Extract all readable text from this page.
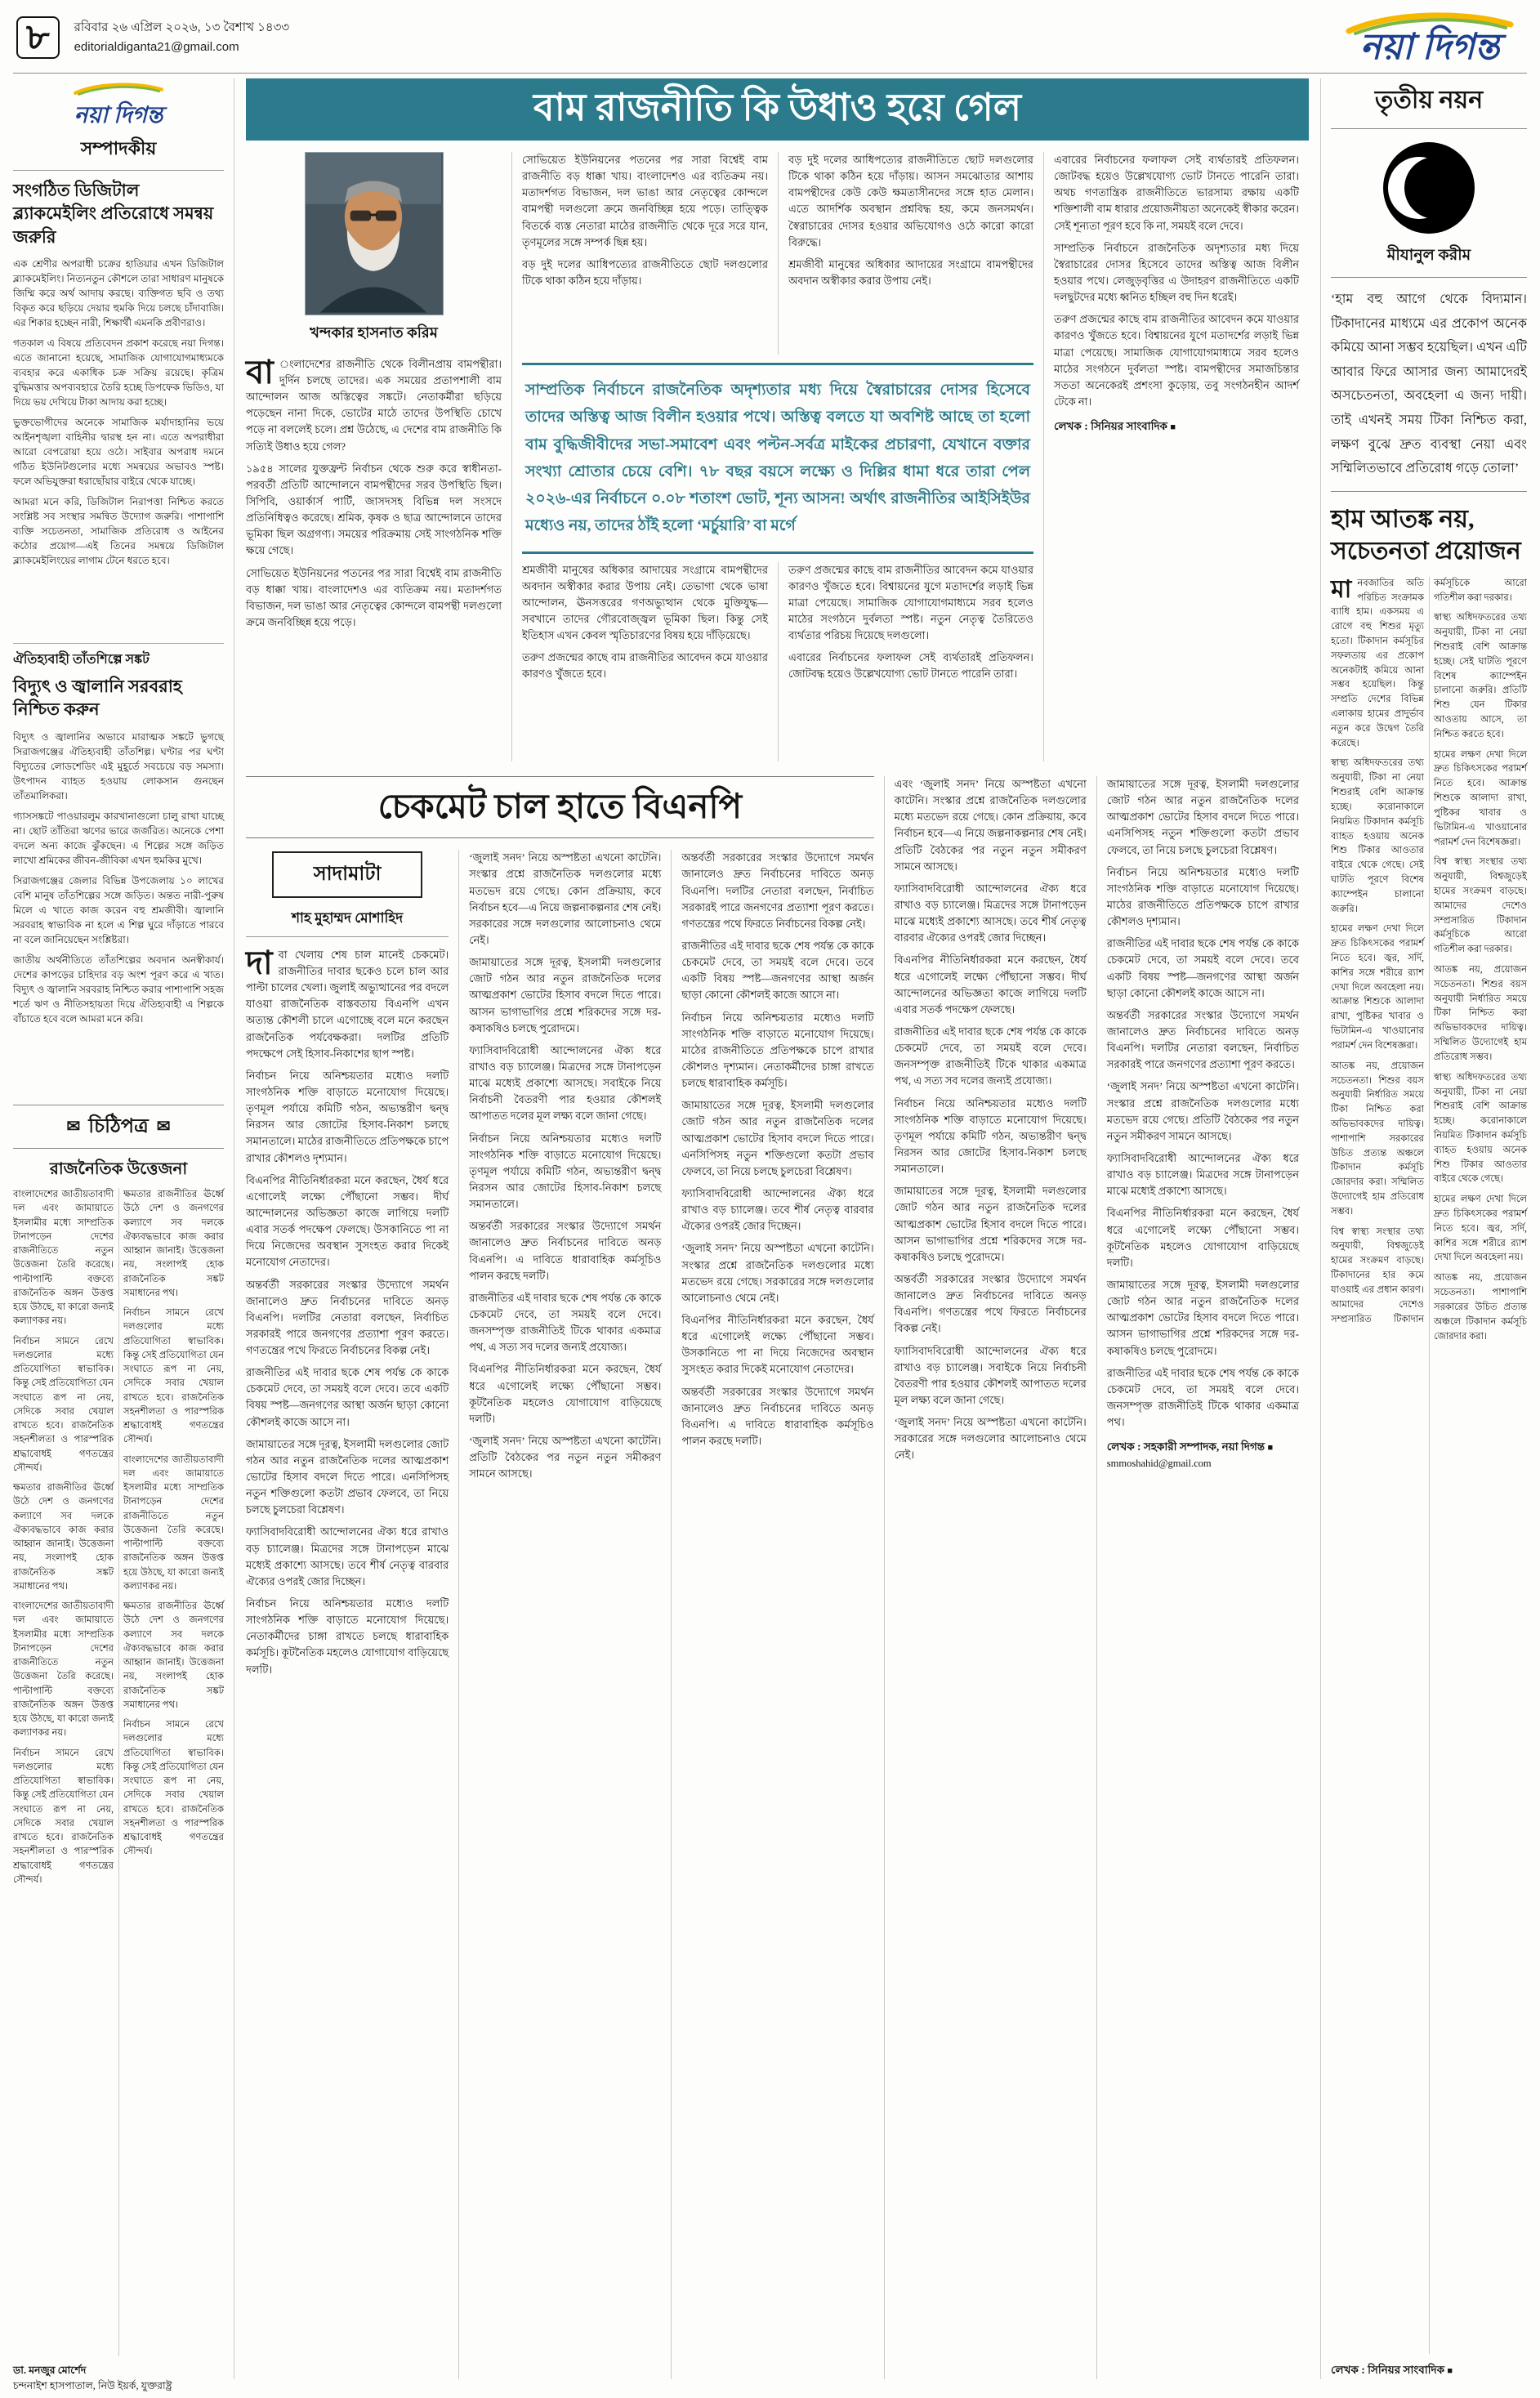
৮	রবিবার ২৬ এপ্রিল ২০২৬, ১৩ বৈশাখ ১৪৩৩
editorialdiganta21@gmail.com	নয়া দিগন্ত

নয়া দিগন্ত
সম্পাদকীয়
সংগঠিত ডিজিটাল ব্ল্যাকমেইলিং প্রতিরোধে সমন্বয় জরুরি

এক শ্রেণীর অপরাধী চক্রের হাতিয়ার এখন ডিজিটাল ব্ল্যাকমেইলিং। নিত্যনতুন কৌশলে তারা সাধারণ মানুষকে জিম্মি করে অর্থ আদায় করছে। ব্যক্তিগত ছবি ও তথ্য বিকৃত করে ছড়িয়ে দেয়ার হুমকি দিয়ে চলছে চাঁদাবাজি। এর শিকার হচ্ছেন নারী, শিক্ষার্থী এমনকি প্রবীণরাও।

গতকাল এ বিষয়ে প্রতিবেদন প্রকাশ করেছে নয়া দিগন্ত। এতে জানানো হয়েছে, সামাজিক যোগাযোগমাধ্যমকে ব্যবহার করে একাধিক চক্র সক্রিয় রয়েছে। কৃত্রিম বুদ্ধিমত্তার অপব্যবহারে তৈরি হচ্ছে ডিপফেক ভিডিও, যা দিয়ে ভয় দেখিয়ে টাকা আদায় করা হচ্ছে।

ভুক্তভোগীদের অনেকে সামাজিক মর্যাদাহানির ভয়ে আইনশৃঙ্খলা বাহিনীর দ্বারস্থ হন না। এতে অপরাধীরা আরো বেপরোয়া হয়ে ওঠে। সাইবার অপরাধ দমনে গঠিত ইউনিটগুলোর মধ্যে সমন্বয়ের অভাবও স্পষ্ট। ফলে অভিযুক্তরা ধরাছোঁয়ার বাইরে থেকে যাচ্ছে।

আমরা মনে করি, ডিজিটাল নিরাপত্তা নিশ্চিত করতে সংশ্লিষ্ট সব সংস্থার সমন্বিত উদ্যোগ জরুরি। পাশাপাশি ব্যক্তি সচেতনতা, সামাজিক প্রতিরোধ ও আইনের কঠোর প্রয়োগ—এই তিনের সমন্বয়ে ডিজিটাল ব্ল্যাকমেইলিংয়ের লাগাম টেনে ধরতে হবে।

ঐতিহ্যবাহী তাঁতশিল্পে সঙ্কট
বিদ্যুৎ ও জ্বালানি সরবরাহ নিশ্চিত করুন

বিদ্যুৎ ও জ্বালানির অভাবে মারাত্মক সঙ্কটে ভুগছে সিরাজগঞ্জের ঐতিহ্যবাহী তাঁতশিল্প। ঘণ্টার পর ঘণ্টা বিদ্যুতের লোডশেডিং এই মুহূর্তে সবচেয়ে বড় সমস্যা। উৎপাদন ব্যাহত হওয়ায় লোকসান গুনছেন তাঁতমালিকরা।

গ্যাসসঙ্কটে পাওয়ারলুম কারখানাগুলো চালু রাখা যাচ্ছে না। ছোট তাঁতিরা ঋণের ভারে জর্জরিত। অনেকে পেশা বদলে অন্য কাজে ঝুঁকছেন। এ শিল্পের সঙ্গে জড়িত লাখো শ্রমিকের জীবন-জীবিকা এখন হুমকির মুখে।

সিরাজগঞ্জের জেলার বিভিন্ন উপজেলায় ১০ লাখের বেশি মানুষ তাঁতশিল্পের সঙ্গে জড়িত। অন্তত নারী-পুরুষ মিলে এ খাতে কাজ করেন বহু শ্রমজীবী। জ্বালানি সরবরাহ স্বাভাবিক না হলে এ শিল্প ঘুরে দাঁড়াতে পারবে না বলে জানিয়েছেন সংশ্লিষ্টরা।

জাতীয় অর্থনীতিতে তাঁতশিল্পের অবদান অনস্বীকার্য। দেশের কাপড়ের চাহিদার বড় অংশ পূরণ করে এ খাত। বিদ্যুৎ ও জ্বালানি সরবরাহ নিশ্চিত করার পাশাপাশি সহজ শর্তে ঋণ ও নীতিসহায়তা দিয়ে ঐতিহ্যবাহী এ শিল্পকে বাঁচাতে হবে বলে আমরা মনে করি।

✉ চিঠিপত্র ✉
রাজনৈতিক উত্তেজনা

বাংলাদেশের জাতীয়তাবাদী দল এবং জামায়াতে ইসলামীর মধ্যে সাম্প্রতিক টানাপড়েন দেশের রাজনীতিতে নতুন উত্তেজনা তৈরি করেছে। পাল্টাপাল্টি বক্তব্যে রাজনৈতিক অঙ্গন উত্তপ্ত হয়ে উঠছে, যা কারো জন্যই কল্যাণকর নয়।

নির্বাচন সামনে রেখে দলগুলোর মধ্যে প্রতিযোগিতা স্বাভাবিক। কিন্তু সেই প্রতিযোগিতা যেন সংঘাতে রূপ না নেয়, সেদিকে সবার খেয়াল রাখতে হবে। রাজনৈতিক সহনশীলতা ও পারস্পরিক শ্রদ্ধাবোধই গণতন্ত্রের সৌন্দর্য।

ক্ষমতার রাজনীতির ঊর্ধ্বে উঠে দেশ ও জনগণের কল্যাণে সব দলকে ঐক্যবদ্ধভাবে কাজ করার আহ্বান জানাই। উত্তেজনা নয়, সংলাপই হোক রাজনৈতিক সঙ্কট সমাধানের পথ।

বাংলাদেশের জাতীয়তাবাদী দল এবং জামায়াতে ইসলামীর মধ্যে সাম্প্রতিক টানাপড়েন দেশের রাজনীতিতে নতুন উত্তেজনা তৈরি করেছে। পাল্টাপাল্টি বক্তব্যে রাজনৈতিক অঙ্গন উত্তপ্ত হয়ে উঠছে, যা কারো জন্যই কল্যাণকর নয়।

নির্বাচন সামনে রেখে দলগুলোর মধ্যে প্রতিযোগিতা স্বাভাবিক। কিন্তু সেই প্রতিযোগিতা যেন সংঘাতে রূপ না নেয়, সেদিকে সবার খেয়াল রাখতে হবে। রাজনৈতিক সহনশীলতা ও পারস্পরিক শ্রদ্ধাবোধই গণতন্ত্রের সৌন্দর্য।

ক্ষমতার রাজনীতির ঊর্ধ্বে উঠে দেশ ও জনগণের কল্যাণে সব দলকে ঐক্যবদ্ধভাবে কাজ করার আহ্বান জানাই। উত্তেজনা নয়, সংলাপই হোক রাজনৈতিক সঙ্কট সমাধানের পথ।

নির্বাচন সামনে রেখে দলগুলোর মধ্যে প্রতিযোগিতা স্বাভাবিক। কিন্তু সেই প্রতিযোগিতা যেন সংঘাতে রূপ না নেয়, সেদিকে সবার খেয়াল রাখতে হবে। রাজনৈতিক সহনশীলতা ও পারস্পরিক শ্রদ্ধাবোধই গণতন্ত্রের সৌন্দর্য।

বাংলাদেশের জাতীয়তাবাদী দল এবং জামায়াতে ইসলামীর মধ্যে সাম্প্রতিক টানাপড়েন দেশের রাজনীতিতে নতুন উত্তেজনা তৈরি করেছে। পাল্টাপাল্টি বক্তব্যে রাজনৈতিক অঙ্গন উত্তপ্ত হয়ে উঠছে, যা কারো জন্যই কল্যাণকর নয়।

ক্ষমতার রাজনীতির ঊর্ধ্বে উঠে দেশ ও জনগণের কল্যাণে সব দলকে ঐক্যবদ্ধভাবে কাজ করার আহ্বান জানাই। উত্তেজনা নয়, সংলাপই হোক রাজনৈতিক সঙ্কট সমাধানের পথ।

নির্বাচন সামনে রেখে দলগুলোর মধ্যে প্রতিযোগিতা স্বাভাবিক। কিন্তু সেই প্রতিযোগিতা যেন সংঘাতে রূপ না নেয়, সেদিকে সবার খেয়াল রাখতে হবে। রাজনৈতিক সহনশীলতা ও পারস্পরিক শ্রদ্ধাবোধই গণতন্ত্রের সৌন্দর্য।

ডা. মনজুর মোর্শেদ
চন্দনাইশ হাসপাতাল, নিউ ইয়র্ক, যুক্তরাষ্ট্র
বাম রাজনীতি কি উধাও হয়ে গেল
খন্দকার হাসনাত করিম

বা ংলাদেশের রাজনীতি থেকে বিলীনপ্রায় বামপন্থীরা। দুর্দিন চলছে তাদের। এক সময়ের প্রতাপশালী বাম আন্দোলন আজ অস্তিত্বের সঙ্কটে। নেতাকর্মীরা ছড়িয়ে পড়েছেন নানা দিকে, ভোটের মাঠে তাদের উপস্থিতি চোখে পড়ে না বললেই চলে। প্রশ্ন উঠেছে, এ দেশের বাম রাজনীতি কি সত্যিই উধাও হয়ে গেল?

১৯৫৪ সালের যুক্তফ্রন্ট নির্বাচন থেকে শুরু করে স্বাধীনতা-পরবর্তী প্রতিটি আন্দোলনে বামপন্থীদের সরব উপস্থিতি ছিল। সিপিবি, ওয়ার্কার্স পার্টি, জাসদসহ বিভিন্ন দল সংসদে প্রতিনিধিত্বও করেছে। শ্রমিক, কৃষক ও ছাত্র আন্দোলনে তাদের ভূমিকা ছিল অগ্রগণ্য। সময়ের পরিক্রমায় সেই সাংগঠনিক শক্তি ক্ষয়ে গেছে।

সোভিয়েত ইউনিয়নের পতনের পর সারা বিশ্বেই বাম রাজনীতি বড় ধাক্কা খায়। বাংলাদেশও এর ব্যতিক্রম নয়। মতাদর্শগত বিভাজন, দল ভাঙা আর নেতৃত্বের কোন্দলে বামপন্থী দলগুলো ক্রমে জনবিচ্ছিন্ন হয়ে পড়ে।

সোভিয়েত ইউনিয়নের পতনের পর সারা বিশ্বেই বাম রাজনীতি বড় ধাক্কা খায়। বাংলাদেশও এর ব্যতিক্রম নয়। মতাদর্শগত বিভাজন, দল ভাঙা আর নেতৃত্বের কোন্দলে বামপন্থী দলগুলো ক্রমে জনবিচ্ছিন্ন হয়ে পড়ে। তাত্ত্বিক বিতর্কে ব্যস্ত নেতারা মাঠের রাজনীতি থেকে দূরে সরে যান, তৃণমূলের সঙ্গে সম্পর্ক ছিন্ন হয়।

বড় দুই দলের আধিপত্যের রাজনীতিতে ছোট দলগুলোর টিকে থাকা কঠিন হয়ে দাঁড়ায়।

বড় দুই দলের আধিপত্যের রাজনীতিতে ছোট দলগুলোর টিকে থাকা কঠিন হয়ে দাঁড়ায়। আসন সমঝোতার আশায় বামপন্থীদের কেউ কেউ ক্ষমতাসীনদের সঙ্গে হাত মেলান। এতে আদর্শিক অবস্থান প্রশ্নবিদ্ধ হয়, কমে জনসমর্থন। স্বৈরাচারের দোসর হওয়ার অভিযোগও ওঠে কারো কারো বিরুদ্ধে।

শ্রমজীবী মানুষের অধিকার আদায়ের সংগ্রামে বামপন্থীদের অবদান অস্বীকার করার উপায় নেই।

সাম্প্রতিক নির্বাচনে রাজনৈতিক অদৃশ্যতার মধ্য দিয়ে স্বৈরাচারের দোসর হিসেবে তাদের অস্তিত্ব আজ বিলীন হওয়ার পথে। অস্তিত্ব বলতে যা অবশিষ্ট আছে তা হলো বাম বুদ্ধিজীবীদের সভা-সমাবেশ এবং পল্টন-সর্বত্র মাইকের প্রচারণা, যেখানে বক্তার সংখ্যা শ্রোতার চেয়ে বেশি। ৭৮ বছর বয়সে লক্ষ্যে ও দিল্লির ধামা ধরে তারা পেল ২০২৬-এর নির্বাচনে ০.০৮ শতাংশ ভোট, শূন্য আসন! অর্থাৎ রাজনীতির আইসিইউর মধ্যেও নয়, তাদের ঠাঁই হলো ‘মর্চুয়ারি’ বা মর্গে

শ্রমজীবী মানুষের অধিকার আদায়ের সংগ্রামে বামপন্থীদের অবদান অস্বীকার করার উপায় নেই। তেভাগা থেকে ভাষা আন্দোলন, ঊনসত্তরের গণঅভ্যুত্থান থেকে মুক্তিযুদ্ধ—সবখানে তাদের গৌরবোজ্জ্বল ভূমিকা ছিল। কিন্তু সেই ইতিহাস এখন কেবল স্মৃতিচারণের বিষয় হয়ে দাঁড়িয়েছে।

তরুণ প্রজন্মের কাছে বাম রাজনীতির আবেদন কমে যাওয়ার কারণও খুঁজতে হবে।

তরুণ প্রজন্মের কাছে বাম রাজনীতির আবেদন কমে যাওয়ার কারণও খুঁজতে হবে। বিশ্বায়নের যুগে মতাদর্শের লড়াই ভিন্ন মাত্রা পেয়েছে। সামাজিক যোগাযোগমাধ্যমে সরব হলেও মাঠের সংগঠনে দুর্বলতা স্পষ্ট। নতুন নেতৃত্ব তৈরিতেও ব্যর্থতার পরিচয় দিয়েছে দলগুলো।

এবারের নির্বাচনের ফলাফল সেই ব্যর্থতারই প্রতিফলন। জোটবদ্ধ হয়েও উল্লেখযোগ্য ভোট টানতে পারেনি তারা।

এবারের নির্বাচনের ফলাফল সেই ব্যর্থতারই প্রতিফলন। জোটবদ্ধ হয়েও উল্লেখযোগ্য ভোট টানতে পারেনি তারা। অথচ গণতান্ত্রিক রাজনীতিতে ভারসাম্য রক্ষায় একটি শক্তিশালী বাম ধারার প্রয়োজনীয়তা অনেকেই স্বীকার করেন। সেই শূন্যতা পূরণ হবে কি না, সময়ই বলে দেবে।

সাম্প্রতিক নির্বাচনে রাজনৈতিক অদৃশ্যতার মধ্য দিয়ে স্বৈরাচারের দোসর হিসেবে তাদের অস্তিত্ব আজ বিলীন হওয়ার পথে। লেজুড়বৃত্তির এ উদাহরণ রাজনীতিতে একটি দলছুটদের মধ্যে ধ্বনিত হচ্ছিল বহু দিন ধরেই।

তরুণ প্রজন্মের কাছে বাম রাজনীতির আবেদন কমে যাওয়ার কারণও খুঁজতে হবে। বিশ্বায়নের যুগে মতাদর্শের লড়াই ভিন্ন মাত্রা পেয়েছে। সামাজিক যোগাযোগমাধ্যমে সরব হলেও মাঠের সংগঠনে দুর্বলতা স্পষ্ট। বামপন্থীদের সমাজচিন্তার সততা অনেকেরই প্রশংসা কুড়োয়, তবু সংগঠনহীন আদর্শ টেকে না।

লেখক : সিনিয়র সাংবাদিক ■
চেকমেট চাল হাতে বিএনপি
সাদামাটা
শাহ মুহাম্মদ মোশাহিদ

দাবা খেলায় শেষ চাল মানেই চেকমেট। রাজনীতির দাবার ছকেও চলে চাল আর পাল্টা চালের খেলা। জুলাই অভ্যুত্থানের পর বদলে যাওয়া রাজনৈতিক বাস্তবতায় বিএনপি এখন অত্যন্ত কৌশলী চালে এগোচ্ছে বলে মনে করছেন রাজনৈতিক পর্যবেক্ষকরা। দলটির প্রতিটি পদক্ষেপে সেই হিসাব-নিকাশের ছাপ স্পষ্ট।

নির্বাচন নিয়ে অনিশ্চয়তার মধ্যেও দলটি সাংগঠনিক শক্তি বাড়াতে মনোযোগ দিয়েছে। তৃণমূল পর্যায়ে কমিটি গঠন, অভ্যন্তরীণ দ্বন্দ্ব নিরসন আর জোটের হিসাব-নিকাশ চলছে সমানতালে। মাঠের রাজনীতিতে প্রতিপক্ষকে চাপে রাখার কৌশলও দৃশ্যমান।

বিএনপির নীতিনির্ধারকরা মনে করছেন, ধৈর্য ধরে এগোলেই লক্ষ্যে পৌঁছানো সম্ভব। দীর্ঘ আন্দোলনের অভিজ্ঞতা কাজে লাগিয়ে দলটি এবার সতর্ক পদক্ষেপ ফেলছে। উসকানিতে পা না দিয়ে নিজেদের অবস্থান সুসংহত করার দিকেই মনোযোগ নেতাদের।

অন্তর্বর্তী সরকারের সংস্কার উদ্যোগে সমর্থন জানালেও দ্রুত নির্বাচনের দাবিতে অনড় বিএনপি। দলটির নেতারা বলছেন, নির্বাচিত সরকারই পারে জনগণের প্রত্যাশা পূরণ করতে। গণতন্ত্রের পথে ফিরতে নির্বাচনের বিকল্প নেই।

রাজনীতির এই দাবার ছকে শেষ পর্যন্ত কে কাকে চেকমেট দেবে, তা সময়ই বলে দেবে। তবে একটি বিষয় স্পষ্ট—জনগণের আস্থা অর্জন ছাড়া কোনো কৌশলই কাজে আসে না।

জামায়াতের সঙ্গে দূরত্ব, ইসলামী দলগুলোর জোট গঠন আর নতুন রাজনৈতিক দলের আত্মপ্রকাশ ভোটের হিসাব বদলে দিতে পারে। এনসিপিসহ নতুন শক্তিগুলো কতটা প্রভাব ফেলবে, তা নিয়ে চলছে চুলচেরা বিশ্লেষণ।

ফ্যাসিবাদবিরোধী আন্দোলনের ঐক্য ধরে রাখাও বড় চ্যালেঞ্জ। মিত্রদের সঙ্গে টানাপড়েন মাঝে মধ্যেই প্রকাশ্যে আসছে। তবে শীর্ষ নেতৃত্ব বারবার ঐক্যের ওপরই জোর দিচ্ছেন।

নির্বাচন নিয়ে অনিশ্চয়তার মধ্যেও দলটি সাংগঠনিক শক্তি বাড়াতে মনোযোগ দিয়েছে। নেতাকর্মীদের চাঙ্গা রাখতে চলছে ধারাবাহিক কর্মসূচি। কূটনৈতিক মহলেও যোগাযোগ বাড়িয়েছে দলটি।

‘জুলাই সনদ’ নিয়ে অস্পষ্টতা এখনো কাটেনি। সংস্কার প্রশ্নে রাজনৈতিক দলগুলোর মধ্যে মতভেদ রয়ে গেছে। কোন প্রক্রিয়ায়, কবে নির্বাচন হবে—এ নিয়ে জল্পনাকল্পনার শেষ নেই। সরকারের সঙ্গে দলগুলোর আলোচনাও থেমে নেই।

জামায়াতের সঙ্গে দূরত্ব, ইসলামী দলগুলোর জোট গঠন আর নতুন রাজনৈতিক দলের আত্মপ্রকাশ ভোটের হিসাব বদলে দিতে পারে। আসন ভাগাভাগির প্রশ্নে শরিকদের সঙ্গে দর-কষাকষিও চলছে পুরোদমে।

ফ্যাসিবাদবিরোধী আন্দোলনের ঐক্য ধরে রাখাও বড় চ্যালেঞ্জ। মিত্রদের সঙ্গে টানাপড়েন মাঝে মধ্যেই প্রকাশ্যে আসছে। সবাইকে নিয়ে নির্বাচনী বৈতরণী পার হওয়ার কৌশলই আপাতত দলের মূল লক্ষ্য বলে জানা গেছে।

নির্বাচন নিয়ে অনিশ্চয়তার মধ্যেও দলটি সাংগঠনিক শক্তি বাড়াতে মনোযোগ দিয়েছে। তৃণমূল পর্যায়ে কমিটি গঠন, অভ্যন্তরীণ দ্বন্দ্ব নিরসন আর জোটের হিসাব-নিকাশ চলছে সমানতালে।

অন্তর্বর্তী সরকারের সংস্কার উদ্যোগে সমর্থন জানালেও দ্রুত নির্বাচনের দাবিতে অনড় বিএনপি। এ দাবিতে ধারাবাহিক কর্মসূচিও পালন করছে দলটি।

রাজনীতির এই দাবার ছকে শেষ পর্যন্ত কে কাকে চেকমেট দেবে, তা সময়ই বলে দেবে। জনসম্পৃক্ত রাজনীতিই টিকে থাকার একমাত্র পথ, এ সত্য সব দলের জন্যই প্রযোজ্য।

বিএনপির নীতিনির্ধারকরা মনে করছেন, ধৈর্য ধরে এগোলেই লক্ষ্যে পৌঁছানো সম্ভব। কূটনৈতিক মহলেও যোগাযোগ বাড়িয়েছে দলটি।

‘জুলাই সনদ’ নিয়ে অস্পষ্টতা এখনো কাটেনি। প্রতিটি বৈঠকের পর নতুন নতুন সমীকরণ সামনে আসছে।

অন্তর্বর্তী সরকারের সংস্কার উদ্যোগে সমর্থন জানালেও দ্রুত নির্বাচনের দাবিতে অনড় বিএনপি। দলটির নেতারা বলছেন, নির্বাচিত সরকারই পারে জনগণের প্রত্যাশা পূরণ করতে। গণতন্ত্রের পথে ফিরতে নির্বাচনের বিকল্প নেই।

রাজনীতির এই দাবার ছকে শেষ পর্যন্ত কে কাকে চেকমেট দেবে, তা সময়ই বলে দেবে। তবে একটি বিষয় স্পষ্ট—জনগণের আস্থা অর্জন ছাড়া কোনো কৌশলই কাজে আসে না।

নির্বাচন নিয়ে অনিশ্চয়তার মধ্যেও দলটি সাংগঠনিক শক্তি বাড়াতে মনোযোগ দিয়েছে। মাঠের রাজনীতিতে প্রতিপক্ষকে চাপে রাখার কৌশলও দৃশ্যমান। নেতাকর্মীদের চাঙ্গা রাখতে চলছে ধারাবাহিক কর্মসূচি।

জামায়াতের সঙ্গে দূরত্ব, ইসলামী দলগুলোর জোট গঠন আর নতুন রাজনৈতিক দলের আত্মপ্রকাশ ভোটের হিসাব বদলে দিতে পারে। এনসিপিসহ নতুন শক্তিগুলো কতটা প্রভাব ফেলবে, তা নিয়ে চলছে চুলচেরা বিশ্লেষণ।

ফ্যাসিবাদবিরোধী আন্দোলনের ঐক্য ধরে রাখাও বড় চ্যালেঞ্জ। তবে শীর্ষ নেতৃত্ব বারবার ঐক্যের ওপরই জোর দিচ্ছেন।

‘জুলাই সনদ’ নিয়ে অস্পষ্টতা এখনো কাটেনি। সংস্কার প্রশ্নে রাজনৈতিক দলগুলোর মধ্যে মতভেদ রয়ে গেছে। সরকারের সঙ্গে দলগুলোর আলোচনাও থেমে নেই।

বিএনপির নীতিনির্ধারকরা মনে করছেন, ধৈর্য ধরে এগোলেই লক্ষ্যে পৌঁছানো সম্ভব। উসকানিতে পা না দিয়ে নিজেদের অবস্থান সুসংহত করার দিকেই মনোযোগ নেতাদের।

অন্তর্বর্তী সরকারের সংস্কার উদ্যোগে সমর্থন জানালেও দ্রুত নির্বাচনের দাবিতে অনড় বিএনপি। এ দাবিতে ধারাবাহিক কর্মসূচিও পালন করছে দলটি।

এবং ‘জুলাই সনদ’ নিয়ে অস্পষ্টতা এখনো কাটেনি। সংস্কার প্রশ্নে রাজনৈতিক দলগুলোর মধ্যে মতভেদ রয়ে গেছে। কোন প্রক্রিয়ায়, কবে নির্বাচন হবে—এ নিয়ে জল্পনাকল্পনার শেষ নেই। প্রতিটি বৈঠকের পর নতুন নতুন সমীকরণ সামনে আসছে।

ফ্যাসিবাদবিরোধী আন্দোলনের ঐক্য ধরে রাখাও বড় চ্যালেঞ্জ। মিত্রদের সঙ্গে টানাপড়েন মাঝে মধ্যেই প্রকাশ্যে আসছে। তবে শীর্ষ নেতৃত্ব বারবার ঐক্যের ওপরই জোর দিচ্ছেন।

বিএনপির নীতিনির্ধারকরা মনে করছেন, ধৈর্য ধরে এগোলেই লক্ষ্যে পৌঁছানো সম্ভব। দীর্ঘ আন্দোলনের অভিজ্ঞতা কাজে লাগিয়ে দলটি এবার সতর্ক পদক্ষেপ ফেলছে।

রাজনীতির এই দাবার ছকে শেষ পর্যন্ত কে কাকে চেকমেট দেবে, তা সময়ই বলে দেবে। জনসম্পৃক্ত রাজনীতিই টিকে থাকার একমাত্র পথ, এ সত্য সব দলের জন্যই প্রযোজ্য।

নির্বাচন নিয়ে অনিশ্চয়তার মধ্যেও দলটি সাংগঠনিক শক্তি বাড়াতে মনোযোগ দিয়েছে। তৃণমূল পর্যায়ে কমিটি গঠন, অভ্যন্তরীণ দ্বন্দ্ব নিরসন আর জোটের হিসাব-নিকাশ চলছে সমানতালে।

জামায়াতের সঙ্গে দূরত্ব, ইসলামী দলগুলোর জোট গঠন আর নতুন রাজনৈতিক দলের আত্মপ্রকাশ ভোটের হিসাব বদলে দিতে পারে। আসন ভাগাভাগির প্রশ্নে শরিকদের সঙ্গে দর-কষাকষিও চলছে পুরোদমে।

অন্তর্বর্তী সরকারের সংস্কার উদ্যোগে সমর্থন জানালেও দ্রুত নির্বাচনের দাবিতে অনড় বিএনপি। গণতন্ত্রের পথে ফিরতে নির্বাচনের বিকল্প নেই।

ফ্যাসিবাদবিরোধী আন্দোলনের ঐক্য ধরে রাখাও বড় চ্যালেঞ্জ। সবাইকে নিয়ে নির্বাচনী বৈতরণী পার হওয়ার কৌশলই আপাতত দলের মূল লক্ষ্য বলে জানা গেছে।

‘জুলাই সনদ’ নিয়ে অস্পষ্টতা এখনো কাটেনি। সরকারের সঙ্গে দলগুলোর আলোচনাও থেমে নেই।

জামায়াতের সঙ্গে দূরত্ব, ইসলামী দলগুলোর জোট গঠন আর নতুন রাজনৈতিক দলের আত্মপ্রকাশ ভোটের হিসাব বদলে দিতে পারে। এনসিপিসহ নতুন শক্তিগুলো কতটা প্রভাব ফেলবে, তা নিয়ে চলছে চুলচেরা বিশ্লেষণ।

নির্বাচন নিয়ে অনিশ্চয়তার মধ্যেও দলটি সাংগঠনিক শক্তি বাড়াতে মনোযোগ দিয়েছে। মাঠের রাজনীতিতে প্রতিপক্ষকে চাপে রাখার কৌশলও দৃশ্যমান।

রাজনীতির এই দাবার ছকে শেষ পর্যন্ত কে কাকে চেকমেট দেবে, তা সময়ই বলে দেবে। তবে একটি বিষয় স্পষ্ট—জনগণের আস্থা অর্জন ছাড়া কোনো কৌশলই কাজে আসে না।

অন্তর্বর্তী সরকারের সংস্কার উদ্যোগে সমর্থন জানালেও দ্রুত নির্বাচনের দাবিতে অনড় বিএনপি। দলটির নেতারা বলছেন, নির্বাচিত সরকারই পারে জনগণের প্রত্যাশা পূরণ করতে।

‘জুলাই সনদ’ নিয়ে অস্পষ্টতা এখনো কাটেনি। সংস্কার প্রশ্নে রাজনৈতিক দলগুলোর মধ্যে মতভেদ রয়ে গেছে। প্রতিটি বৈঠকের পর নতুন নতুন সমীকরণ সামনে আসছে।

ফ্যাসিবাদবিরোধী আন্দোলনের ঐক্য ধরে রাখাও বড় চ্যালেঞ্জ। মিত্রদের সঙ্গে টানাপড়েন মাঝে মধ্যেই প্রকাশ্যে আসছে।

বিএনপির নীতিনির্ধারকরা মনে করছেন, ধৈর্য ধরে এগোলেই লক্ষ্যে পৌঁছানো সম্ভব। কূটনৈতিক মহলেও যোগাযোগ বাড়িয়েছে দলটি।

জামায়াতের সঙ্গে দূরত্ব, ইসলামী দলগুলোর জোট গঠন আর নতুন রাজনৈতিক দলের আত্মপ্রকাশ ভোটের হিসাব বদলে দিতে পারে। আসন ভাগাভাগির প্রশ্নে শরিকদের সঙ্গে দর-কষাকষিও চলছে পুরোদমে।

রাজনীতির এই দাবার ছকে শেষ পর্যন্ত কে কাকে চেকমেট দেবে, তা সময়ই বলে দেবে। জনসম্পৃক্ত রাজনীতিই টিকে থাকার একমাত্র পথ।

লেখক : সহকারী সম্পাদক, নয়া দিগন্ত ■
smmoshahid@gmail.com
তৃতীয় নয়ন
মীযানুল করীম
‘হাম বহু আগে থেকে বিদ্যমান। টিকাদানের মাধ্যমে এর প্রকোপ অনেক কমিয়ে আনা সম্ভব হয়েছিল। এখন এটি আবার ফিরে আসার জন্য আমাদেরই অসচেতনতা, অবহেলা এ জন্য দায়ী। তাই এখনই সময় টিকা নিশ্চিত করা, লক্ষণ বুঝে দ্রুত ব্যবস্থা নেয়া এবং সম্মিলিতভাবে প্রতিরোধ গড়ে তোলা’
হাম আতঙ্ক নয়, সচেতনতা প্রয়োজন

মানবজাতির অতি পরিচিত সংক্রামক ব্যাধি হাম। একসময় এ রোগে বহু শিশুর মৃত্যু হতো। টিকাদান কর্মসূচির সফলতায় এর প্রকোপ অনেকটাই কমিয়ে আনা সম্ভব হয়েছিল। কিন্তু সম্প্রতি দেশের বিভিন্ন এলাকায় হামের প্রাদুর্ভাব নতুন করে উদ্বেগ তৈরি করেছে।

স্বাস্থ্য অধিদফতরের তথ্য অনুযায়ী, টিকা না নেয়া শিশুরাই বেশি আক্রান্ত হচ্ছে। করোনাকালে নিয়মিত টিকাদান কর্মসূচি ব্যাহত হওয়ায় অনেক শিশু টিকার আওতার বাইরে থেকে গেছে। সেই ঘাটতি পূরণে বিশেষ ক্যাম্পেইন চালানো জরুরি।

হামের লক্ষণ দেখা দিলে দ্রুত চিকিৎসকের পরামর্শ নিতে হবে। জ্বর, সর্দি, কাশির সঙ্গে শরীরে র‌্যাশ দেখা দিলে অবহেলা নয়। আক্রান্ত শিশুকে আলাদা রাখা, পুষ্টিকর খাবার ও ভিটামিন-এ খাওয়ানোর পরামর্শ দেন বিশেষজ্ঞরা।

আতঙ্ক নয়, প্রয়োজন সচেতনতা। শিশুর বয়স অনুযায়ী নির্ধারিত সময়ে টিকা নিশ্চিত করা অভিভাবকদের দায়িত্ব। পাশাপাশি সরকারের উচিত প্রত্যন্ত অঞ্চলে টিকাদান কর্মসূচি জোরদার করা। সম্মিলিত উদ্যোগেই হাম প্রতিরোধ সম্ভব।

বিশ্ব স্বাস্থ্য সংস্থার তথ্য অনুযায়ী, বিশ্বজুড়েই হামের সংক্রমণ বাড়ছে। টিকাদানের হার কমে যাওয়াই এর প্রধান কারণ। আমাদের দেশেও সম্প্রসারিত টিকাদান কর্মসূচিকে আরো গতিশীল করা দরকার।

স্বাস্থ্য অধিদফতরের তথ্য অনুযায়ী, টিকা না নেয়া শিশুরাই বেশি আক্রান্ত হচ্ছে। সেই ঘাটতি পূরণে বিশেষ ক্যাম্পেইন চালানো জরুরি। প্রতিটি শিশু যেন টিকার আওতায় আসে, তা নিশ্চিত করতে হবে।

হামের লক্ষণ দেখা দিলে দ্রুত চিকিৎসকের পরামর্শ নিতে হবে। আক্রান্ত শিশুকে আলাদা রাখা, পুষ্টিকর খাবার ও ভিটামিন-এ খাওয়ানোর পরামর্শ দেন বিশেষজ্ঞরা।

বিশ্ব স্বাস্থ্য সংস্থার তথ্য অনুযায়ী, বিশ্বজুড়েই হামের সংক্রমণ বাড়ছে। আমাদের দেশেও সম্প্রসারিত টিকাদান কর্মসূচিকে আরো গতিশীল করা দরকার।

আতঙ্ক নয়, প্রয়োজন সচেতনতা। শিশুর বয়স অনুযায়ী নির্ধারিত সময়ে টিকা নিশ্চিত করা অভিভাবকদের দায়িত্ব। সম্মিলিত উদ্যোগেই হাম প্রতিরোধ সম্ভব।

স্বাস্থ্য অধিদফতরের তথ্য অনুযায়ী, টিকা না নেয়া শিশুরাই বেশি আক্রান্ত হচ্ছে। করোনাকালে নিয়মিত টিকাদান কর্মসূচি ব্যাহত হওয়ায় অনেক শিশু টিকার আওতার বাইরে থেকে গেছে।

হামের লক্ষণ দেখা দিলে দ্রুত চিকিৎসকের পরামর্শ নিতে হবে। জ্বর, সর্দি, কাশির সঙ্গে শরীরে র‌্যাশ দেখা দিলে অবহেলা নয়।

আতঙ্ক নয়, প্রয়োজন সচেতনতা। পাশাপাশি সরকারের উচিত প্রত্যন্ত অঞ্চলে টিকাদান কর্মসূচি জোরদার করা।

লেখক : সিনিয়র সাংবাদিক ■
